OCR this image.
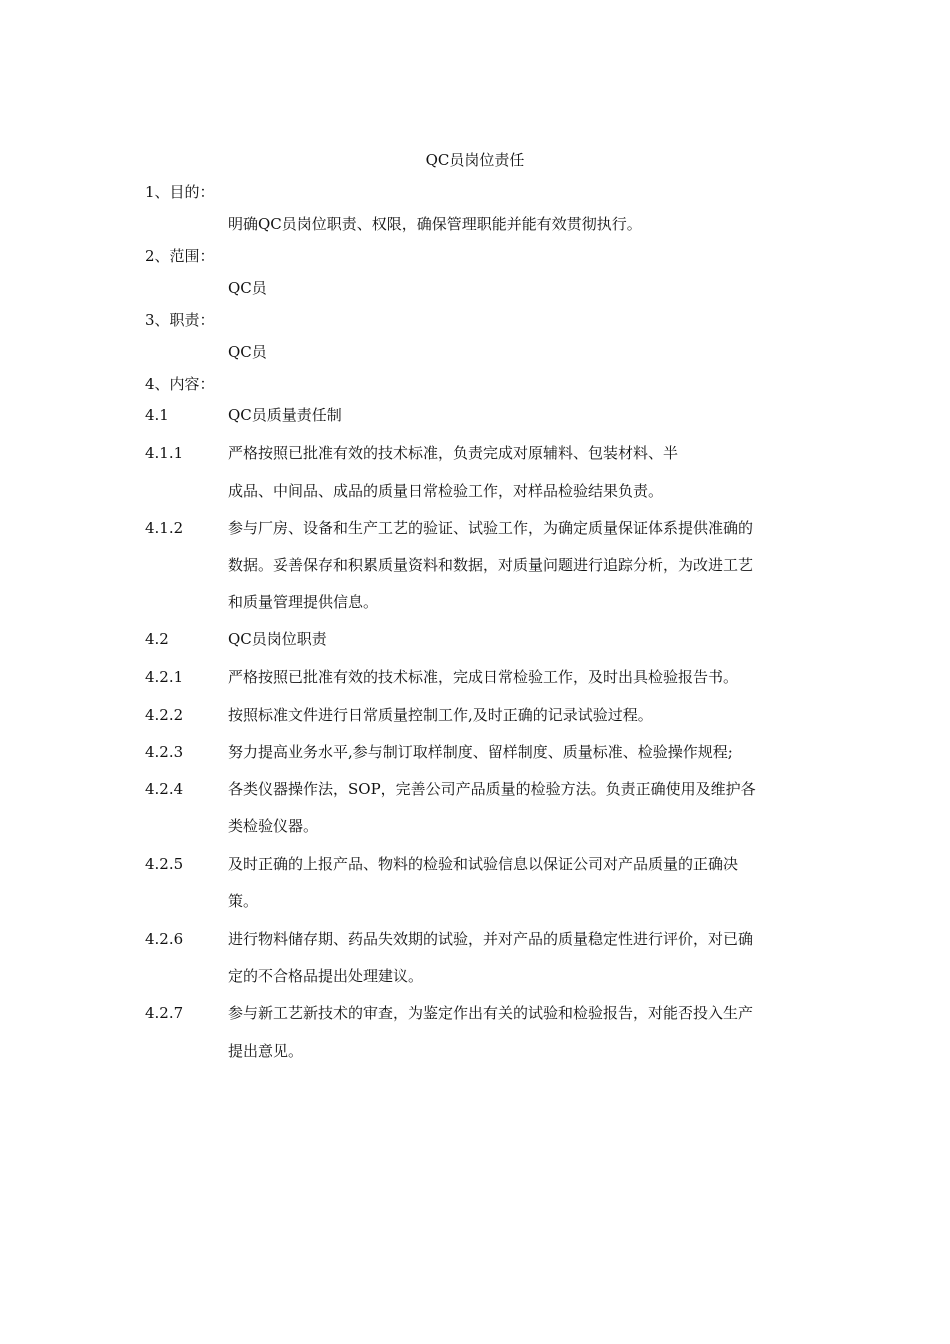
QC员岗位责任
1、目的：
明确QC员岗位职责、权限，确保管理职能并能有效贯彻执行。
2、范围：
QC员
3、职责：
QC员
4、内容：
4.1	QC员质量责任制
4.1.1	严格按照已批准有效的技术标准，负责完成对原辅料、包装材料、半
成品、中间品、成品的质量日常检验工作，对样品检验结果负责。
4.1.2	参与厂房、设备和生产工艺的验证、试验工作，为确定质量保证体系提供准确的
数据。妥善保存和积累质量资料和数据，对质量问题进行追踪分析，为改进工艺
和质量管理提供信息。
4.2	QC员岗位职责
4.2.1	严格按照已批准有效的技术标准，完成日常检验工作，及时出具检验报告书。
4.2.2	按照标准文件进行日常质量控制工作,及时正确的记录试验过程。
4.2.3	努力提高业务水平,参与制订取样制度、留样制度、质量标准、检验操作规程;
4.2.4	各类仪器操作法，SOP，完善公司产品质量的检验方法。负责正确使用及维护各
类检验仪器。
4.2.5	及时正确的上报产品、物料的检验和试验信息以保证公司对产品质量的正确决
策。
4.2.6	进行物料储存期、药品失效期的试验，并对产品的质量稳定性进行评价，对已确
定的不合格品提出处理建议。
4.2.7	参与新工艺新技术的审查，为鉴定作出有关的试验和检验报告，对能否投入生产
提出意见。
